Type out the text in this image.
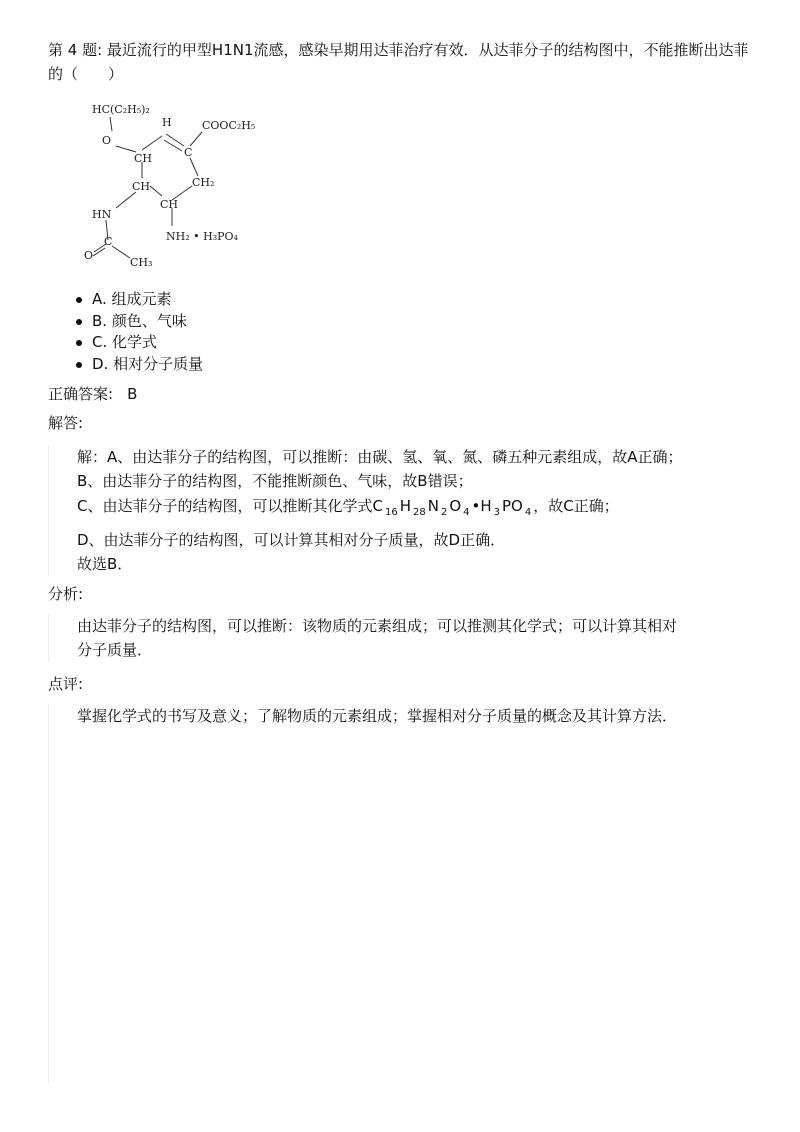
第 4 题: 最近流行的甲型H1N1流感，感染早期用达菲治疗有效．从达菲分子的结构图中，不能推断出达菲的（　　）
HC(C₂H₅)₂
O
CH
H
C
COOC₂H₅
CH	CH₂
CH
HN
NH₂ • H₃PO₄
O
C
CH₃
A. 组成元素
B. 颜色、气味
C. 化学式
D. 相对分子质量
正确答案: B
解答:
解：A、由达菲分子的结构图，可以推断：由碳、氢、氧、氮、磷五种元素组成，故A正确；
B、由达菲分子的结构图，不能推断颜色、气味，故B错误；
C、由达菲分子的结构图，可以推断其化学式C $_{16}$ H $_{28}$ N $_2$ O $_4$ •H $_3$ PO $_4$ ，故C正确；
D、由达菲分子的结构图，可以计算其相对分子质量，故D正确．
故选B．
分析:
由达菲分子的结构图，可以推断：该物质的元素组成；可以推测其化学式；可以计算其相对
分子质量．
点评:
掌握化学式的书写及意义；了解物质的元素组成；掌握相对分子质量的概念及其计算方法．
